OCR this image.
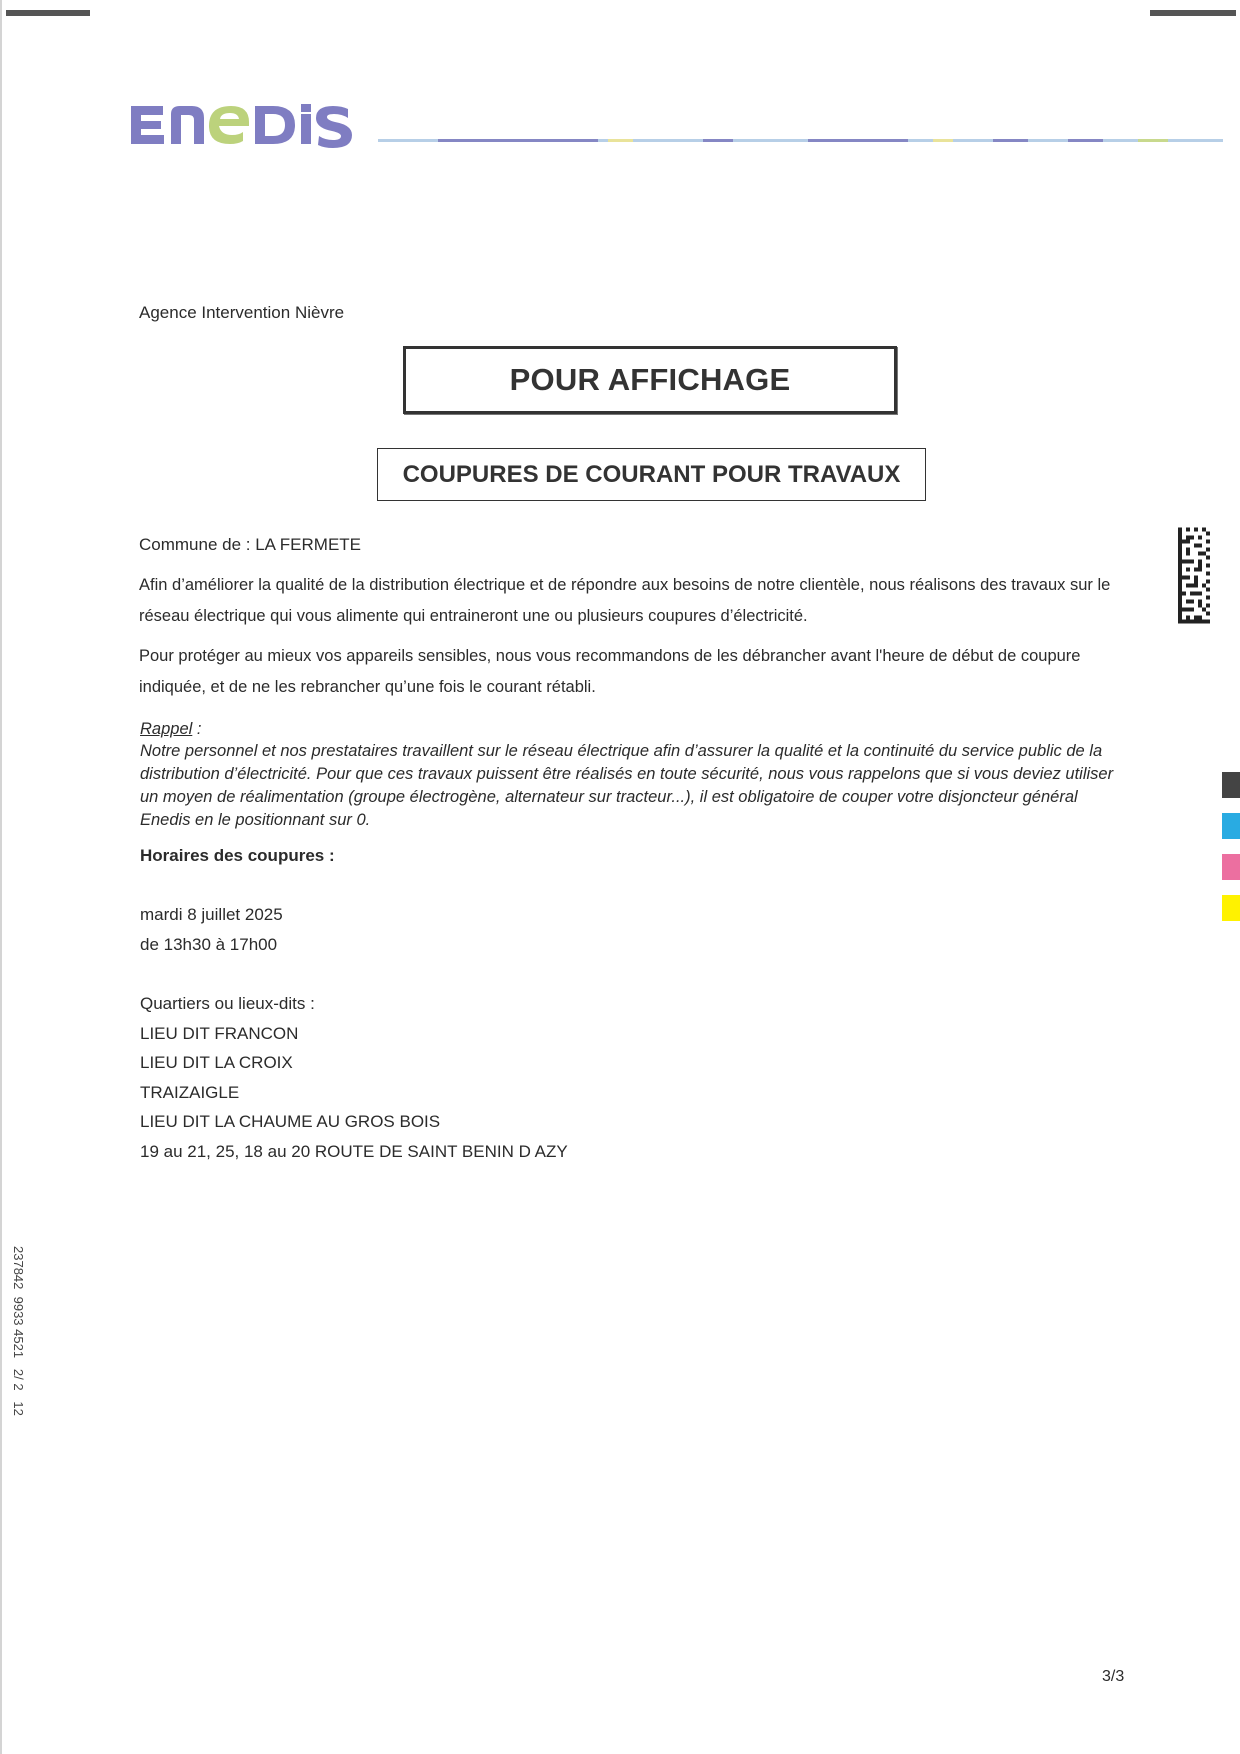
Agence Intervention Nièvre
POUR AFFICHAGE
COUPURES DE COURANT POUR TRAVAUX
Commune de : LA FERMETE

Afin d’améliorer la qualité de la distribution électrique et de répondre aux besoins de notre clientèle, nous réalisons des travaux sur le réseau électrique qui vous alimente qui entraineront une ou plusieurs coupures d’électricité.

Pour protéger au mieux vos appareils sensibles, nous vous recommandons de les débrancher avant l'heure de début de coupure indiquée, et de ne les rebrancher qu’une fois le courant rétabli.

Rappel :

Notre personnel et nos prestataires travaillent sur le réseau électrique afin d’assurer la qualité et la continuité du service public de la distribution d’électricité. Pour que ces travaux puissent être réalisés en toute sécurité, nous vous rappelons que si vous deviez utiliser un moyen de réalimentation (groupe électrogène, alternateur sur tracteur...), il est obligatoire de couper votre disjoncteur général Enedis en le positionnant sur 0.

Horaires des coupures :
mardi 8 juillet 2025
de 13h30 à 17h00
Quartiers ou lieux-dits :
LIEU DIT FRANCON
LIEU DIT LA CROIX
TRAIZAIGLE
LIEU DIT LA CHAUME AU GROS BOIS
19 au 21, 25, 18 au 20 ROUTE DE SAINT BENIN D AZY
237842  9933 4521   2/ 2   12
3/3
